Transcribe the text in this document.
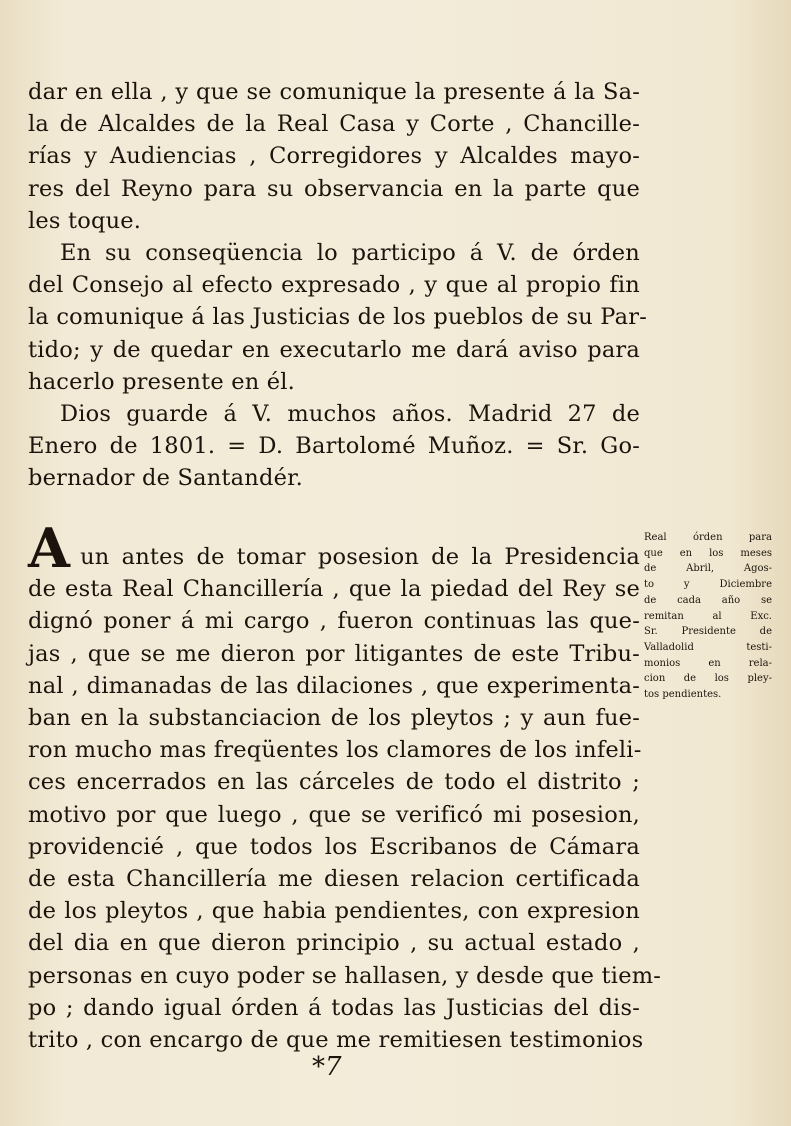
dar en ella , y que se comunique la presente á la Sa-
la de Alcaldes de la Real Casa y Corte , Chancille-
rías y Audiencias , Corregidores y Alcaldes mayo-
res del Reyno para su observancia en la parte que
les toque.
En su conseqüencia lo participo á V. de órden
del Consejo al efecto expresado , y que al propio fin
la comunique á las Justicias de los pueblos de su Par-
tido; y de quedar en executarlo me dará aviso para
hacerlo presente en él.
Dios guarde á V. muchos años. Madrid 27 de
Enero de 1801. = D. Bartolomé Muñoz. = Sr. Go-
bernador de Santandér.
Aun antes de tomar posesion de la Presidencia
de esta Real Chancillería , que la piedad del Rey se
dignó poner á mi cargo , fueron continuas las que-
jas , que se me dieron por litigantes de este Tribu-
nal , dimanadas de las dilaciones , que experimenta-
ban en la substanciacion de los pleytos ; y aun fue-
ron mucho mas freqüentes los clamores de los infeli-
ces encerrados en las cárceles de todo el distrito ;
motivo por que luego , que se verificó mi posesion,
providencié , que todos los Escribanos de Cámara
de esta Chancillería me diesen relacion certificada
de los pleytos , que habia pendientes, con expresion
del dia en que dieron principio , su actual estado ,
personas en cuyo poder se hallasen, y desde que tiem-
po ; dando igual órden á todas las Justicias del dis-
trito , con encargo de que me remitiesen testimonios
Real órden para
que en los meses
de Abril, Agos-
to y Diciembre
de cada año se
remitan al Exc.
Sr. Presidente de
Valladolid testi-
monios en rela-
cion de los pley-
tos pendientes.
*7
